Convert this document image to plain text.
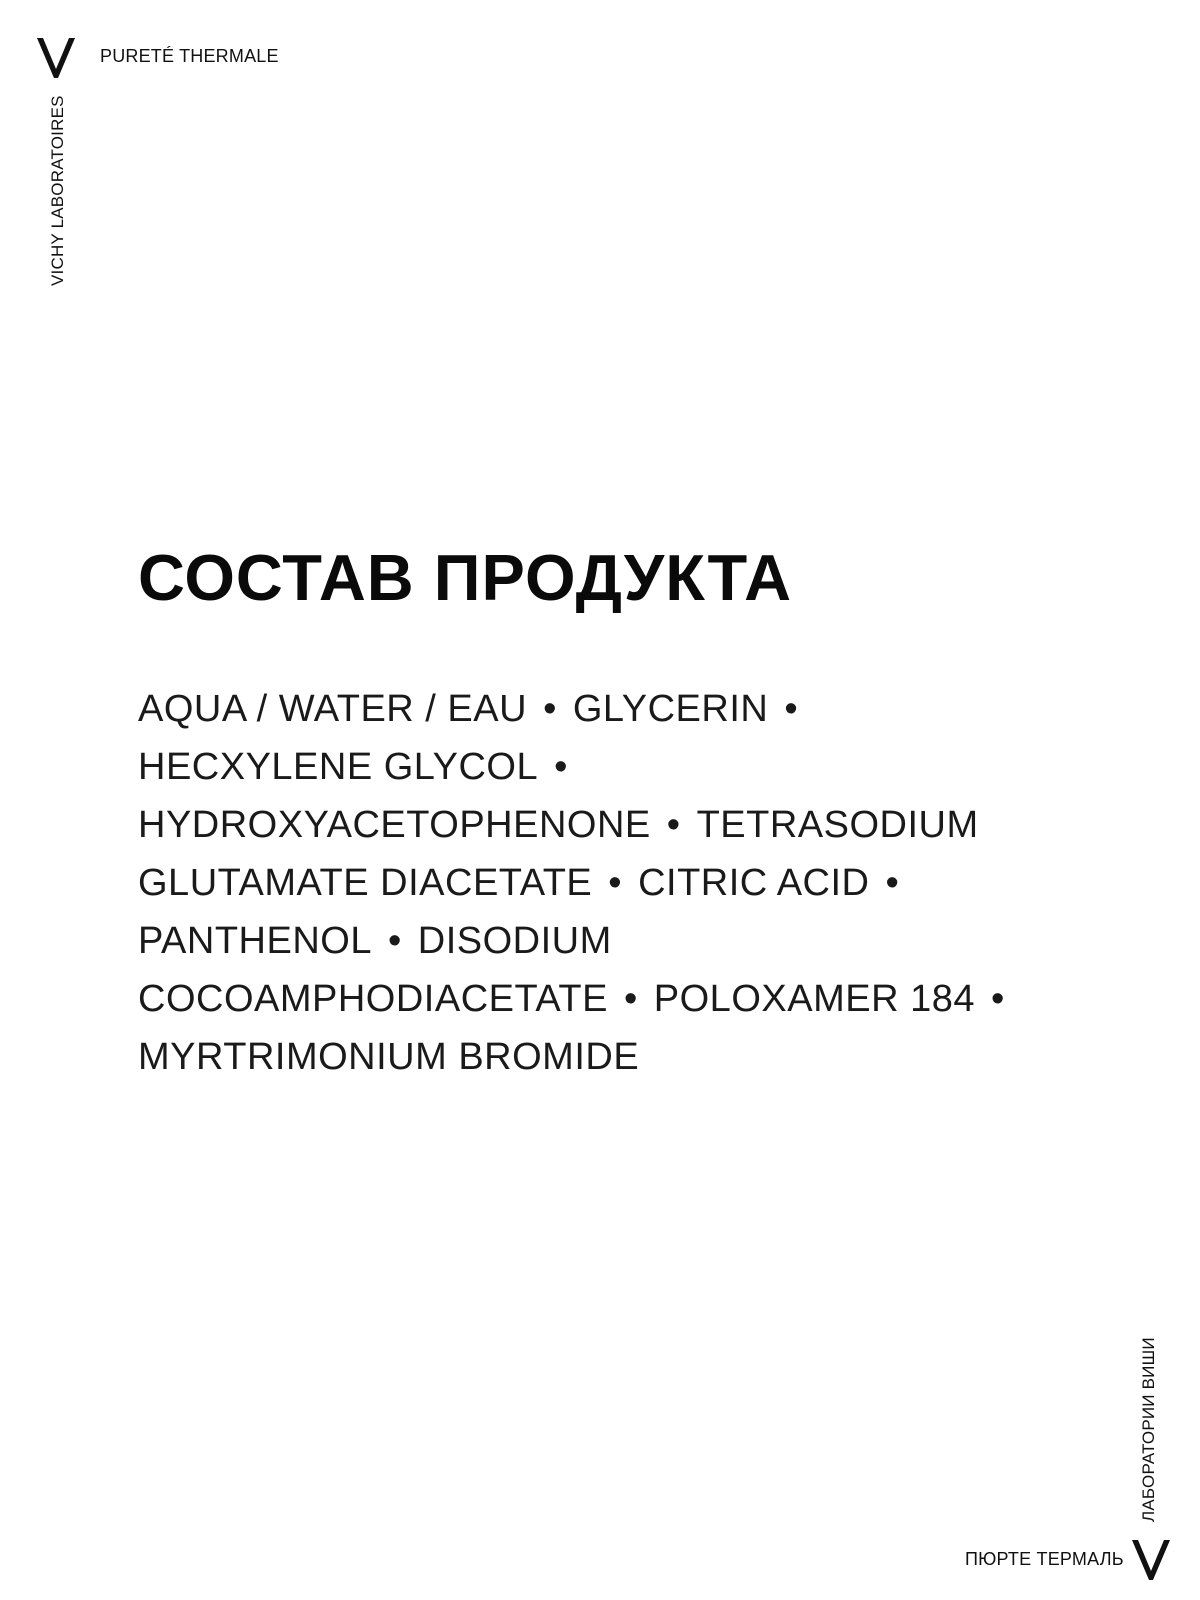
PURETÉ THERMALE
VICHY LABORATOIRES
СОСТАВ ПРОДУКТА
AQUA / WATER / EAU • GLYCERIN •
HECXYLENE GLYCOL •
HYDROXYACETOPHENONE • TETRASODIUM
GLUTAMATE DIACETATE • CITRIC ACID •
PANTHENOL • DISODIUM
COCOAMPHODIACETATE • POLOXAMER 184 •
MYRTRIMONIUM BROMIDE
ЛАБОРАТОРИИ ВИШИ
ПЮРТЕ ТЕРМАЛЬ
